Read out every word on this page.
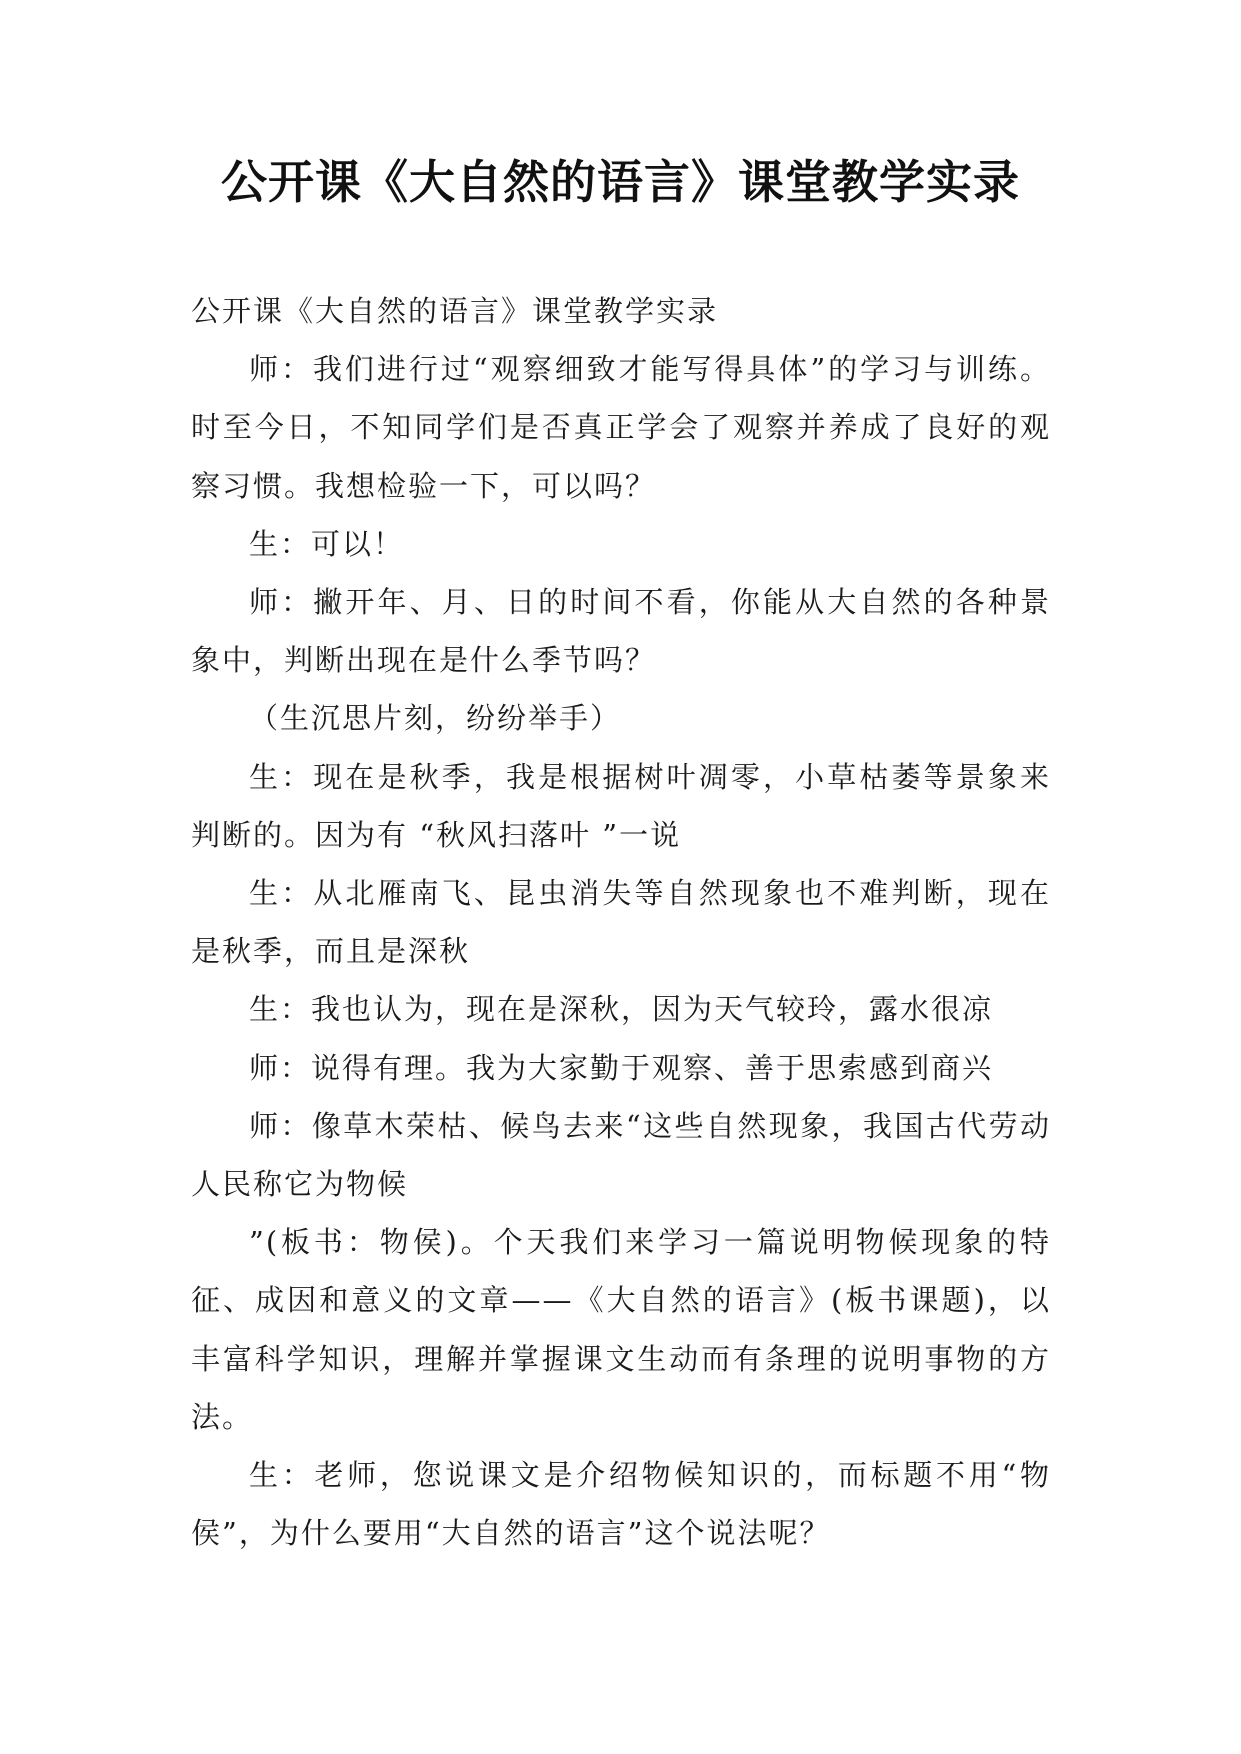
公开课《大自然的语言》课堂教学实录

公开课《大自然的语言》课堂教学实录

师：我们进行过“观察细致才能写得具体”的学习与训练。时至今日，不知同学们是否真正学会了观察并养成了良好的观察习惯。我想检验一下，可以吗？

生：可以！

师：撇开年、月、日的时间不看，你能从大自然的各种景象中，判断出现在是什么季节吗？

（生沉思片刻，纷纷举手）

生：现在是秋季，我是根据树叶凋零，小草枯萎等景象来判断的。因为有 “秋风扫落叶 ”一说

生：从北雁南飞、昆虫消失等自然现象也不难判断，现在是秋季，而且是深秋

生：我也认为，现在是深秋，因为天气较玲，露水很凉

师：说得有理。我为大家勤于观察、善于思索感到商兴

师：像草木荣枯、候鸟去来“这些自然现象，我国古代劳动人民称它为物候

”(板书：物侯)。个天我们来学习一篇说明物候现象的特征、成因和意义的文章——《大自然的语言》(板书课题)，以丰富科学知识，理解并掌握课文生动而有条理的说明事物的方法。

生：老师，您说课文是介绍物候知识的，而标题不用“物侯”，为什么要用“大自然的语言”这个说法呢？
